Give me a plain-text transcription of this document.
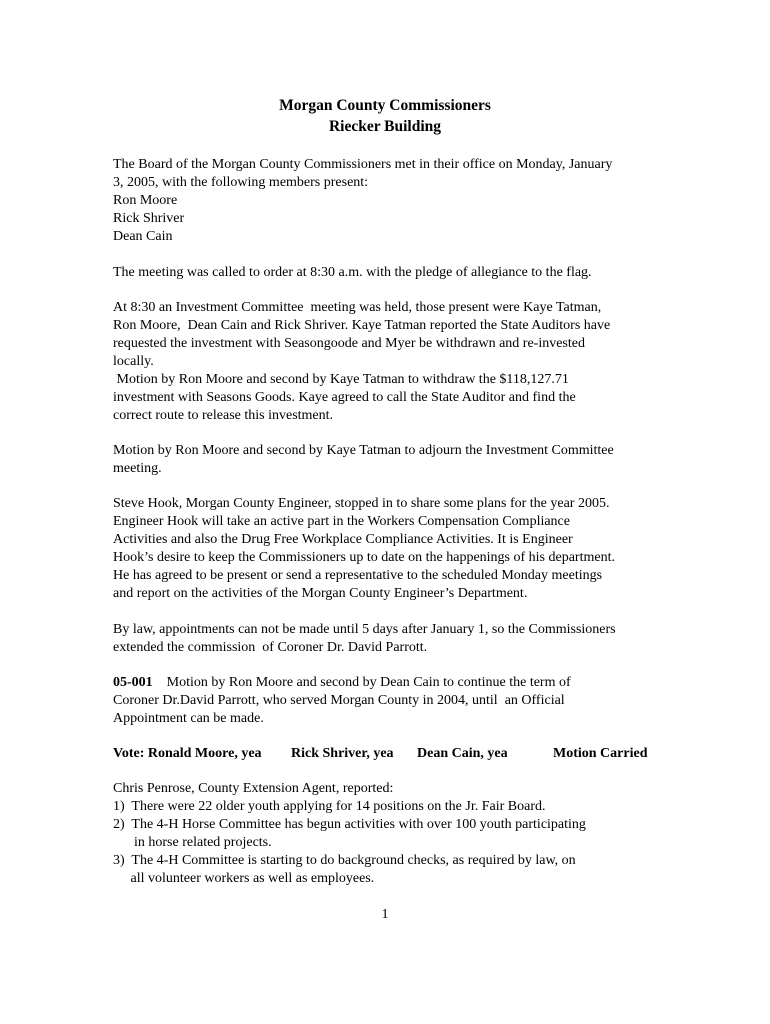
Morgan County Commissioners
Riecker Building
The Board of the Morgan County Commissioners met in their office on Monday, January
3, 2005, with the following members present:
Ron Moore
Rick Shriver
Dean Cain
The meeting was called to order at 8:30 a.m. with the pledge of allegiance to the flag.
At 8:30 an Investment Committee  meeting was held, those present were Kaye Tatman,
Ron Moore,  Dean Cain and Rick Shriver. Kaye Tatman reported the State Auditors have
requested the investment with Seasongoode and Myer be withdrawn and re-invested
locally.
Motion by Ron Moore and second by Kaye Tatman to withdraw the $118,127.71
investment with Seasons Goods. Kaye agreed to call the State Auditor and find the
correct route to release this investment.
Motion by Ron Moore and second by Kaye Tatman to adjourn the Investment Committee
meeting.
Steve Hook, Morgan County Engineer, stopped in to share some plans for the year 2005.
Engineer Hook will take an active part in the Workers Compensation Compliance
Activities and also the Drug Free Workplace Compliance Activities. It is Engineer
Hook’s desire to keep the Commissioners up to date on the happenings of his department.
He has agreed to be present or send a representative to the scheduled Monday meetings
and report on the activities of the Morgan County Engineer’s Department.
By law, appointments can not be made until 5 days after January 1, so the Commissioners
extended the commission  of Coroner Dr. David Parrott.
05-001    Motion by Ron Moore and second by Dean Cain to continue the term of
Coroner Dr.David Parrott, who served Morgan County in 2004, until  an Official
Appointment can be made.
Vote: Ronald Moore, yea Rick Shriver, yea Dean Cain, yea	Motion Carried
Chris Penrose, County Extension Agent, reported:
1)  There were 22 older youth applying for 14 positions on the Jr. Fair Board.
2)  The 4-H Horse Committee has begun activities with over 100 youth participating
in horse related projects.
3)  The 4-H Committee is starting to do background checks, as required by law, on
all volunteer workers as well as employees.
1
